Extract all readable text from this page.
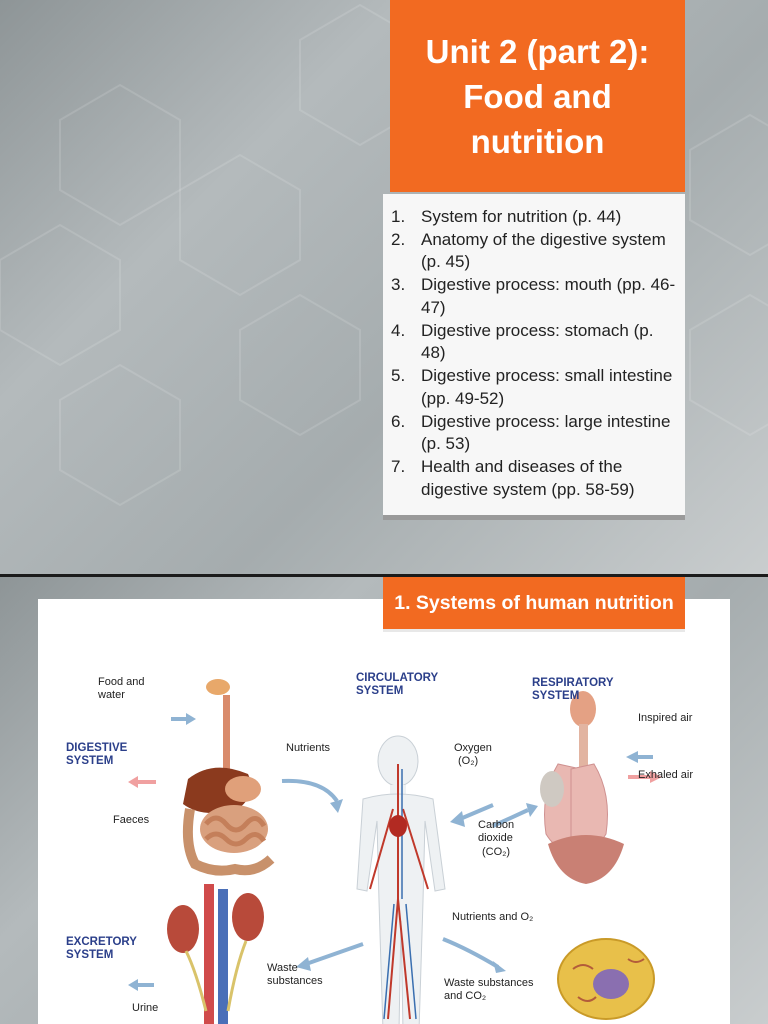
Unit 2 (part 2): Food and nutrition
1. System for nutrition (p. 44)
2. Anatomy of the digestive system (p. 45)
3. Digestive process: mouth (pp. 46-47)
4. Digestive process: stomach (p. 48)
5. Digestive process: small intestine (pp. 49-52)
6. Digestive process: large intestine (p. 53)
7. Health and diseases of the digestive system (pp. 58-59)
Food and water
DIGESTIVE SYSTEM
Faeces
EXCRETORY SYSTEM
Urine
CIRCULATORY SYSTEM
Nutrients
RESPIRATORY SYSTEM
Inspired air
Exhaled air
Oxygen
(O₂)
Carbon dioxide
(CO₂)
Nutrients and O₂
Waste substances	Waste substances and CO₂
1. Systems of human nutrition
